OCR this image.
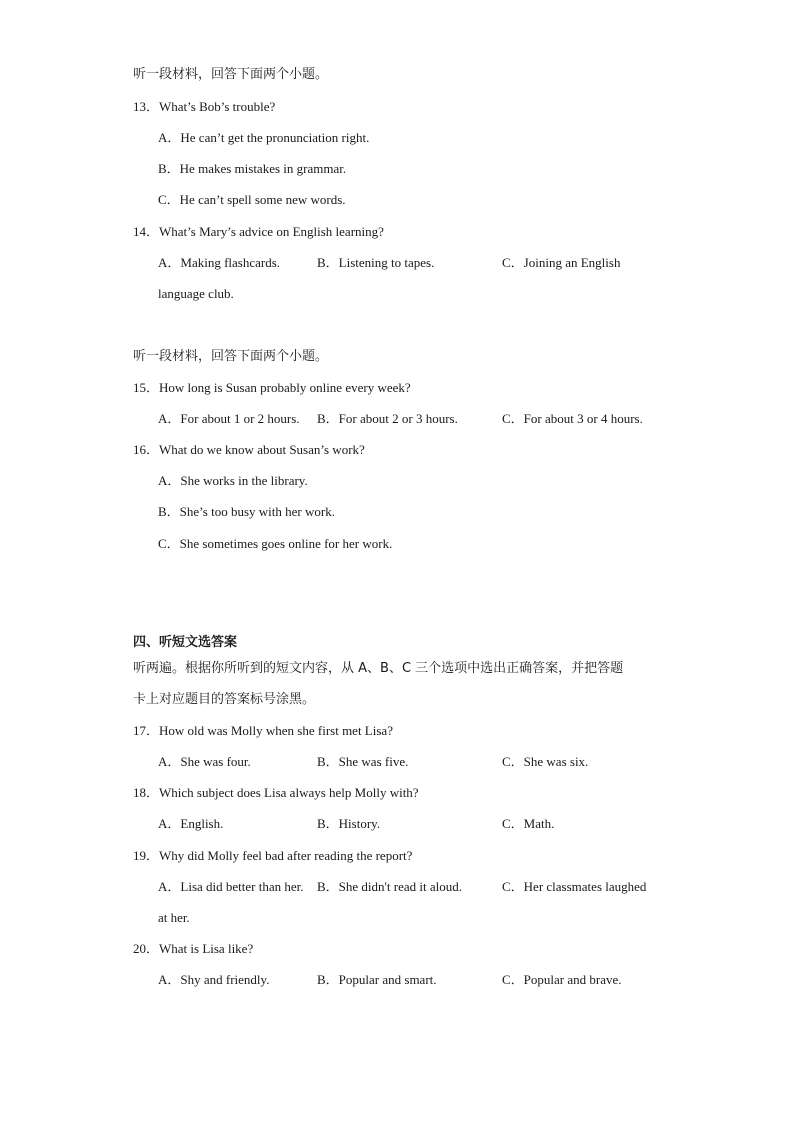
听一段材料，回答下面两个小题。
13．What’s Bob’s trouble?
A．He can’t get the pronunciation right.
B．He makes mistakes in grammar.
C．He can’t spell some new words.
14．What’s Mary’s advice on English learning?
A．Making flashcards.	B．Listening to tapes.	C．Joining an English
language club.
听一段材料，回答下面两个小题。
15．How long is Susan probably online every week?
A．For about 1 or 2 hours. B．For about 2 or 3 hours.	C．For about 3 or 4 hours.
16．What do we know about Susan’s work?
A．She works in the library.
B．She’s too busy with her work.
C．She sometimes goes online for her work.
四、听短文选答案
听两遍。根据你所听到的短文内容，从 A、B、C 三个选项中选出正确答案，并把答题
卡上对应题目的答案标号涂黑。
17．How old was Molly when she first met Lisa?
A．She was four.	B．She was five.	C．She was six.
18．Which subject does Lisa always help Molly with?
A．English.	B．History.	C．Math.
19．Why did Molly feel bad after reading the report?
A．Lisa did better than her. B．She didn't read it aloud.	C．Her classmates laughed
at her.
20．What is Lisa like?
A．Shy and friendly.	B．Popular and smart.	C．Popular and brave.
